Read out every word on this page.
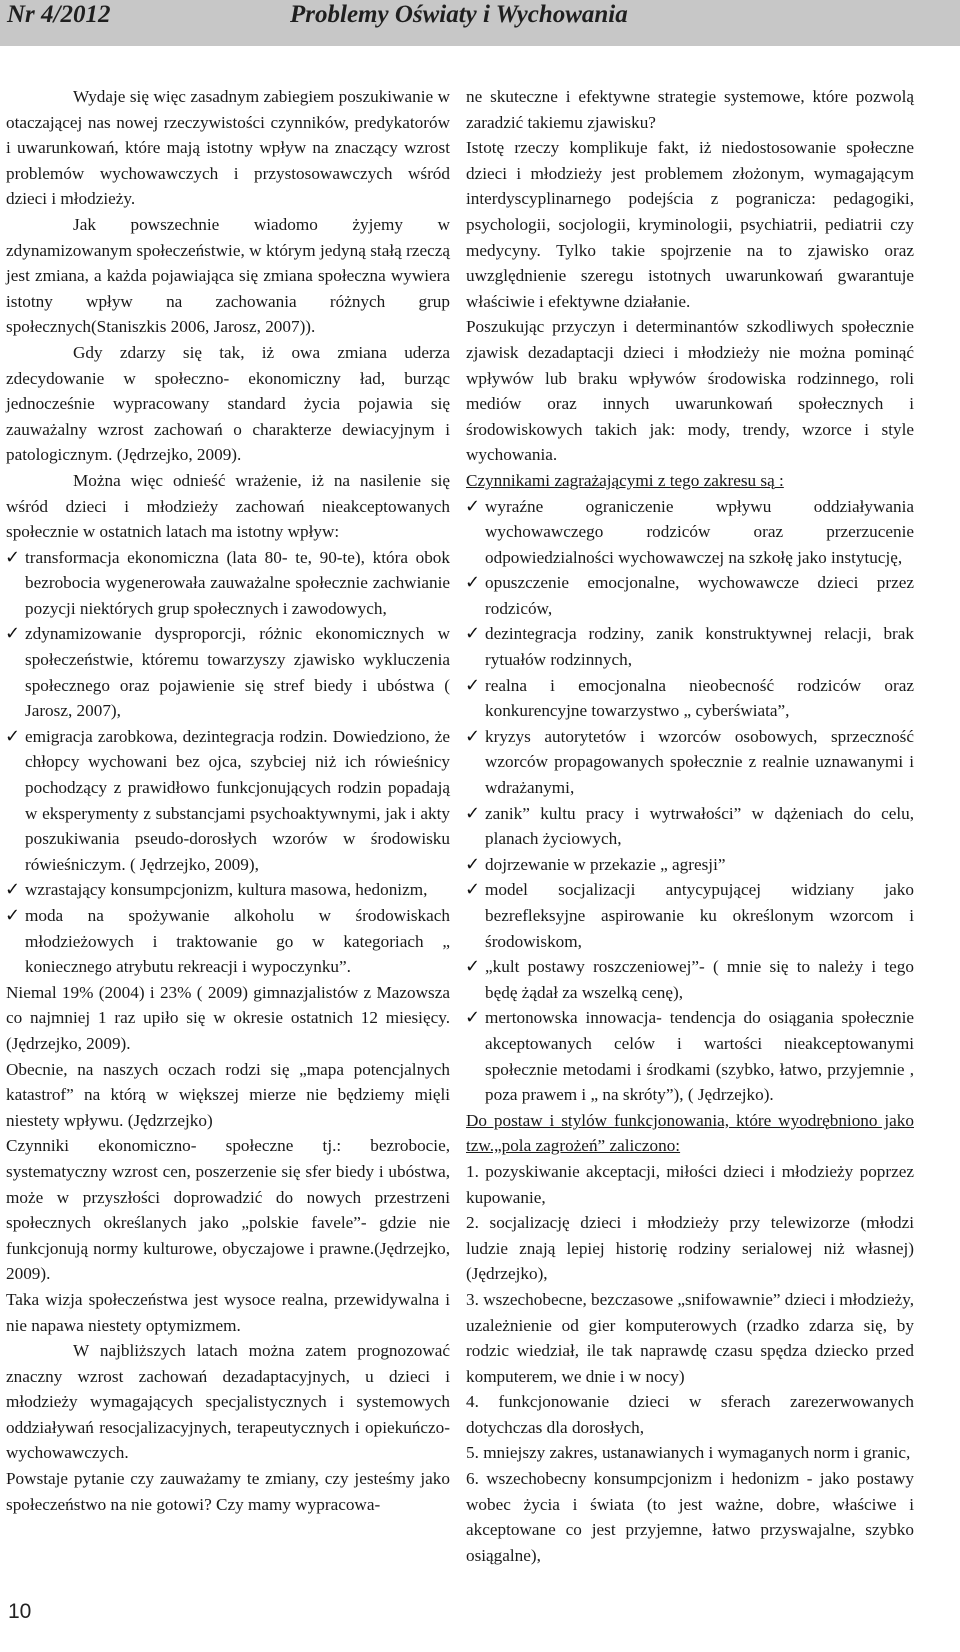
Nr 4/2012	Problemy Oświaty i Wychowania

Wydaje się więc zasadnym zabiegiem poszukiwanie w otaczającej nas nowej rzeczywistości czynników, predykatorów i uwarunkowań, które mają istotny wpływ na znaczący wzrost problemów wychowawczych i przystosowawczych wśród dzieci i młodzieży.

Jak powszechnie wiadomo żyjemy w zdynamizowanym społeczeństwie, w którym jedyną stałą rzeczą jest zmiana, a każda pojawiająca się zmiana społeczna wywiera istotny wpływ na zachowania różnych grup społecznych(Staniszkis 2006, Jarosz, 2007)).

Gdy zdarzy się tak, iż owa zmiana uderza zdecydowanie w społeczno- ekonomiczny ład, burząc jednocześnie wypracowany standard życia pojawia się zauważalny wzrost zachowań o charakterze dewiacyjnym i patologicznym. (Jędrzejko, 2009).

Można więc odnieść wrażenie, iż na nasilenie się wśród dzieci i młodzieży zachowań nieakceptowanych społecznie w ostatnich latach ma istotny wpływ:

✓ transformacja ekonomiczna (lata 80- te, 90-te), która obok bezrobocia wygenerowała zauważalne społecznie zachwianie pozycji niektórych grup społecznych i zawodowych,
✓ zdynamizowanie dysproporcji, różnic ekonomicznych w społeczeństwie, któremu towarzyszy zjawisko wykluczenia społecznego oraz pojawienie się stref biedy i ubóstwa ( Jarosz, 2007),
✓ emigracja zarobkowa, dezintegracja rodzin. Dowiedziono, że chłopcy wychowani bez ojca, szybciej niż ich rówieśnicy pochodzący z prawidłowo funkcjonujących rodzin popadają w eksperymenty z substancjami psychoaktywnymi, jak i akty poszukiwania pseudo-dorosłych wzorów w środowisku rówieśniczym. ( Jędrzejko, 2009),
✓ wzrastający konsumpcjonizm, kultura masowa, hedonizm,
✓ moda na spożywanie alkoholu w środowiskach młodzieżowych i traktowanie go w kategoriach „ koniecznego atrybutu rekreacji i wypoczynku”.

Niemal 19% (2004) i 23% ( 2009) gimnazjalistów z Mazowsza co najmniej 1 raz upiło się w okresie ostatnich 12 miesięcy. (Jędrzejko, 2009).

Obecnie, na naszych oczach rodzi się „mapa potencjalnych katastrof” na którą w większej mierze nie będziemy mięli niestety wpływu. (Jędzrzejko)

Czynniki ekonomiczno- społeczne tj.: bezrobocie, systematyczny wzrost cen, poszerzenie się sfer biedy i ubóstwa, może w przyszłości doprowadzić do nowych przestrzeni społecznych określanych jako „polskie favele”- gdzie nie funkcjonują normy kulturowe, obyczajowe i prawne.(Jędrzejko, 2009).

Taka wizja społeczeństwa jest wysoce realna, przewidywalna i nie napawa niestety optymizmem.

W najbliższych latach można zatem prognozować znaczny wzrost zachowań dezadaptacyjnych, u dzieci i młodzieży wymagających specjalistycznych i systemowych oddziaływań resocjalizacyjnych, terapeutycznych i opiekuńczo- wychowawczych.

Powstaje pytanie czy zauważamy te zmiany, czy jesteśmy jako społeczeństwo na nie gotowi? Czy mamy wypracowa-

ne skuteczne i efektywne strategie systemowe, które pozwolą zaradzić takiemu zjawisku?

Istotę rzeczy komplikuje fakt, iż niedostosowanie społeczne dzieci i młodzieży jest problemem złożonym, wymagającym interdyscyplinarnego podejścia z pogranicza: pedagogiki, psychologii, socjologii, kryminologii, psychiatrii, pediatrii czy medycyny. Tylko takie spojrzenie na to zjawisko oraz uwzględnienie szeregu istotnych uwarunkowań gwarantuje właściwie i efektywne działanie.

Poszukując przyczyn i determinantów szkodliwych społecznie zjawisk dezadaptacji dzieci i młodzieży nie można pominąć wpływów lub braku wpływów środowiska rodzinnego, roli mediów oraz innych uwarunkowań społecznych i środowiskowych takich jak: mody, trendy, wzorce i style wychowania.

Czynnikami zagrażającymi z tego zakresu są :

✓ wyraźne ograniczenie wpływu oddziaływania wychowawczego rodziców oraz przerzucenie odpowiedzialności wychowawczej na szkołę jako instytucję,
✓ opuszczenie emocjonalne, wychowawcze dzieci przez rodziców,
✓ dezintegracja rodziny, zanik konstruktywnej relacji, brak rytuałów rodzinnych,
✓ realna i emocjonalna nieobecność rodziców oraz konkurencyjne towarzystwo „ cyberświata”,
✓ kryzys autorytetów i wzorców osobowych, sprzeczność wzorców propagowanych społecznie z realnie uznawanymi i wdrażanymi,
✓ zanik” kultu pracy i wytrwałości” w dążeniach do celu, planach życiowych,
✓ dojrzewanie w przekazie „ agresji”
✓ model socjalizacji antycypującej widziany jako bezrefleksyjne aspirowanie ku określonym wzorcom i środowiskom,
✓ „kult postawy roszczeniowej”- ( mnie się to należy i tego będę żądał za wszelką cenę),
✓ mertonowska innowacja- tendencja do osiągania społecznie akceptowanych celów i wartości nieakceptowanymi społecznie metodami i środkami (szybko, łatwo, przyjemnie , poza prawem i „ na skróty”), ( Jędrzejko).

Do postaw i stylów funkcjonowania, które wyodrębniono jako tzw.„pola zagrożeń” zaliczono:

1. pozyskiwanie akceptacji, miłości dzieci i młodzieży poprzez kupowanie,

2. socjalizację dzieci i młodzieży przy telewizorze (młodzi ludzie znają lepiej historię rodziny serialowej niż własnej) (Jędrzejko),

3. wszechobecne, bezczasowe „snifowawnie” dzieci i młodzieży, uzależnienie od gier komputerowych (rzadko zdarza się, by rodzic wiedział, ile tak naprawdę czasu spędza dziecko przed komputerem, we dnie i w nocy)

4. funkcjonowanie dzieci w sferach zarezerwowanych dotychczas dla dorosłych,

5. mniejszy zakres, ustanawianych i wymaganych norm i granic,

6. wszechobecny konsumpcjonizm i hedonizm - jako postawy wobec życia i świata (to jest ważne, dobre, właściwe i akceptowane co jest przyjemne, łatwo przyswajalne, szybko osiągalne),

10
